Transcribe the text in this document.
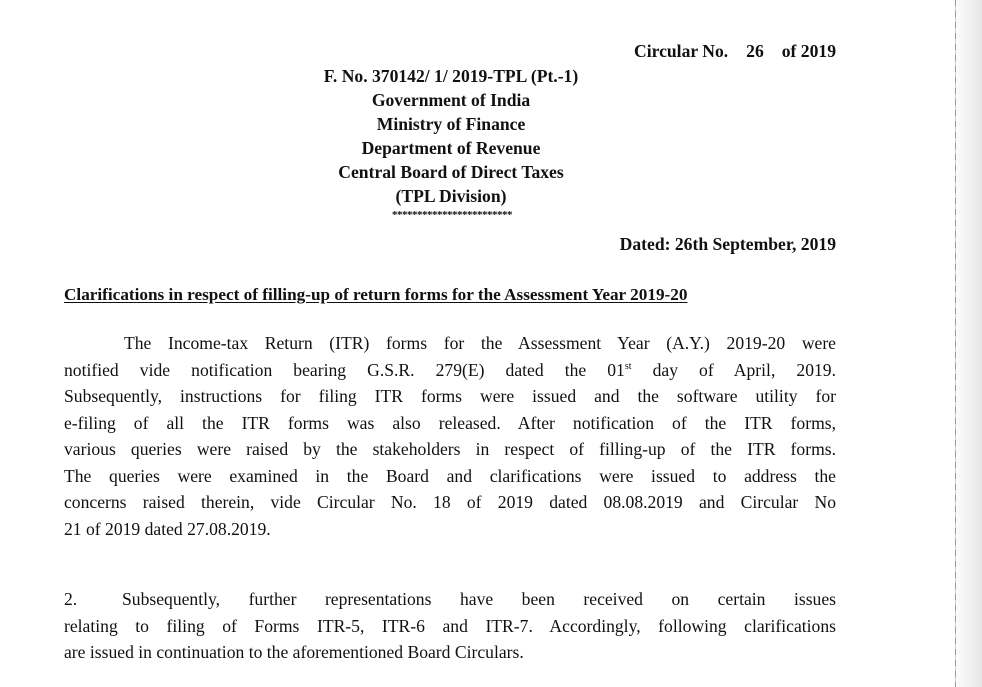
Circular No. 26 of 2019
F. No. 370142/ 1/ 2019-TPL (Pt.-1)
Government of India
Ministry of Finance
Department of Revenue
Central Board of Direct Taxes
(TPL Division)
************************
Dated: 26th September, 2019
Clarifications in respect of filling-up of return forms for the Assessment Year 2019-20
The Income-tax Return (ITR) forms for the Assessment Year (A.Y.) 2019-20 were
notified vide notification bearing G.S.R. 279(E) dated the 01st day of April, 2019.
Subsequently, instructions for filing ITR forms were issued and the software utility for
e-filing of all the ITR forms was also released. After notification of the ITR forms,
various queries were raised by the stakeholders in respect of filling-up of the ITR forms.
The queries were examined in the Board and clarifications were issued to address the
concerns raised therein, vide Circular No. 18 of 2019 dated 08.08.2019 and Circular No
21 of 2019 dated 27.08.2019.
2.	Subsequently, further representations have been received on certain issues
relating to filing of Forms ITR-5, ITR-6 and ITR-7. Accordingly, following clarifications
are issued in continuation to the aforementioned Board Circulars.
